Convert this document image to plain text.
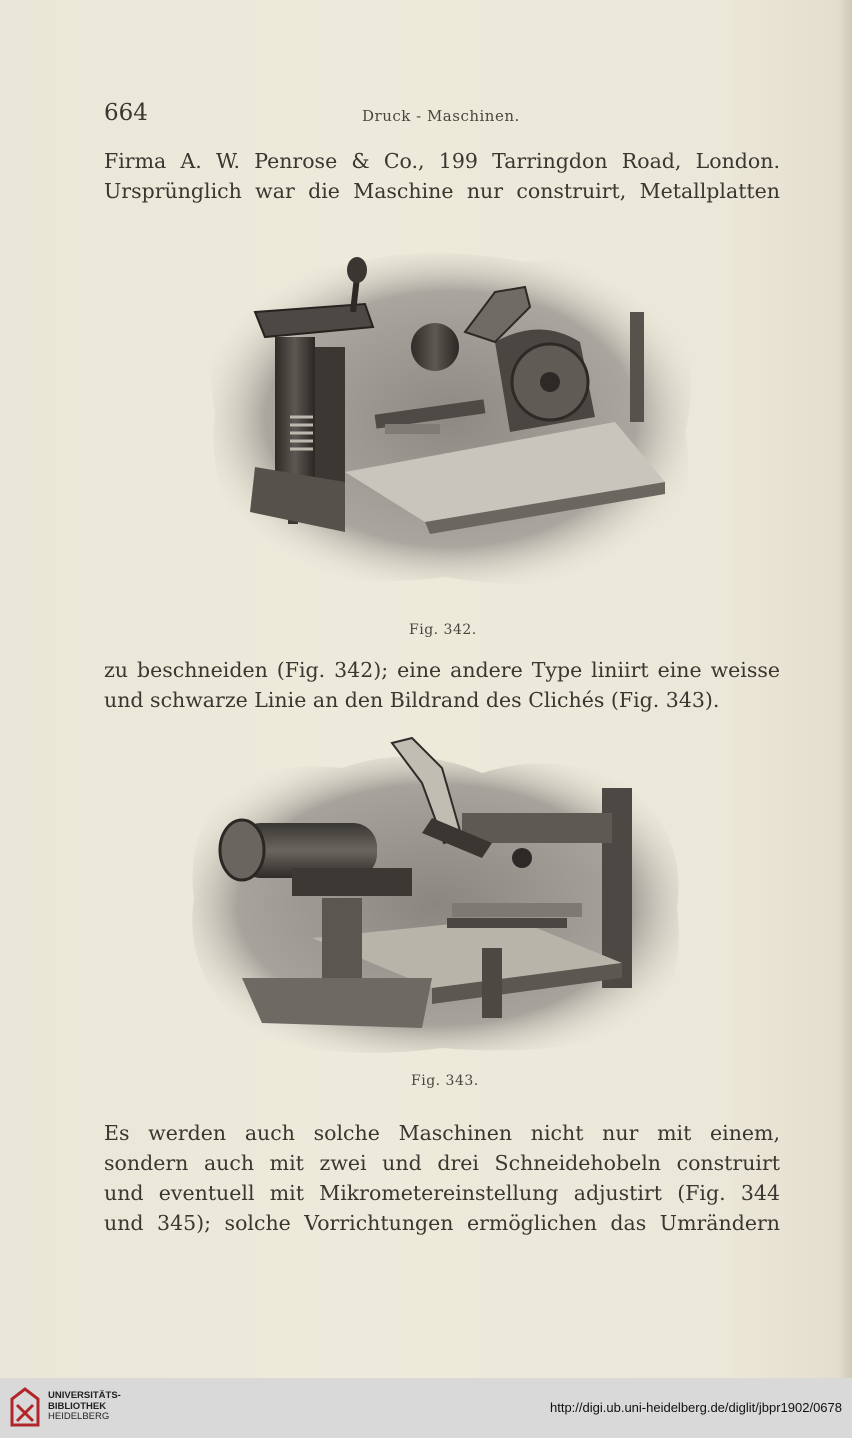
664	Druck - Maschinen.
Firma A. W. Penrose & Co., 199 Tarringdon Road, London.
Ursprünglich war die Maschine nur construirt, Metallplatten
Fig. 342.
zu beschneiden (Fig. 342); eine andere Type liniirt eine weisse
und schwarze Linie an den Bildrand des Clichés (Fig. 343).
Fig. 343.
Es werden auch solche Maschinen nicht nur mit einem,
sondern auch mit zwei und drei Schneidehobeln construirt
und eventuell mit Mikrometereinstellung adjustirt (Fig. 344
und 345); solche Vorrichtungen ermöglichen das Umrändern
UNIVERSITÄTS-
BIBLIOTHEK
HEIDELBERG
http://digi.ub.uni-heidelberg.de/diglit/jbpr1902/0678
